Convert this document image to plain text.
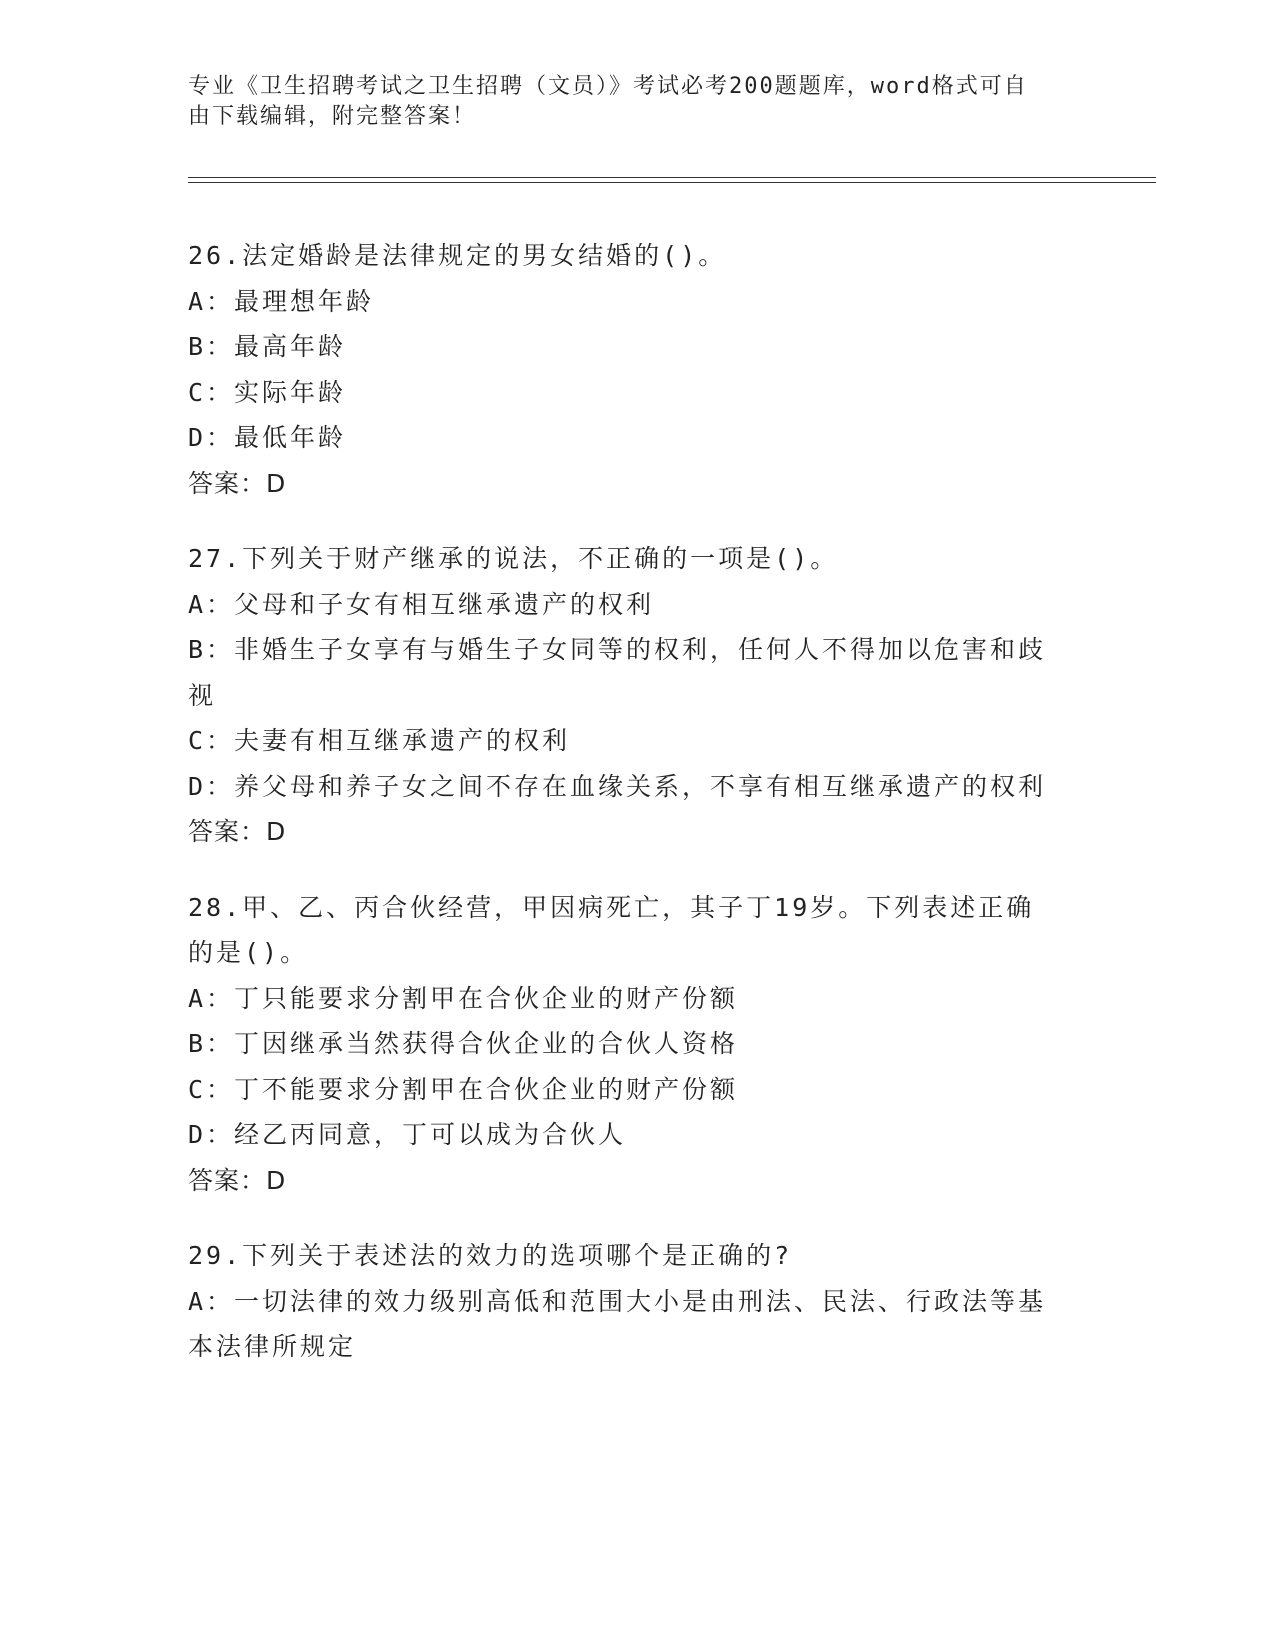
专业《卫生招聘考试之卫生招聘（文员）》考试必考200题题库，word格式可自
由下载编辑，附完整答案！
26.法定婚龄是法律规定的男女结婚的()。
A：最理想年龄
B：最高年龄
C：实际年龄
D：最低年龄
答案：D
27.下列关于财产继承的说法，不正确的一项是()。
A：父母和子女有相互继承遗产的权利
B：非婚生子女享有与婚生子女同等的权利，任何人不得加以危害和歧
视
C：夫妻有相互继承遗产的权利
D：养父母和养子女之间不存在血缘关系，不享有相互继承遗产的权利
答案：D
28.甲、乙、丙合伙经营，甲因病死亡，其子丁19岁。下列表述正确
的是()。
A：丁只能要求分割甲在合伙企业的财产份额
B：丁因继承当然获得合伙企业的合伙人资格
C：丁不能要求分割甲在合伙企业的财产份额
D：经乙丙同意，丁可以成为合伙人
答案：D
29.下列关于表述法的效力的选项哪个是正确的?
A：一切法律的效力级别高低和范围大小是由刑法、民法、行政法等基
本法律所规定
